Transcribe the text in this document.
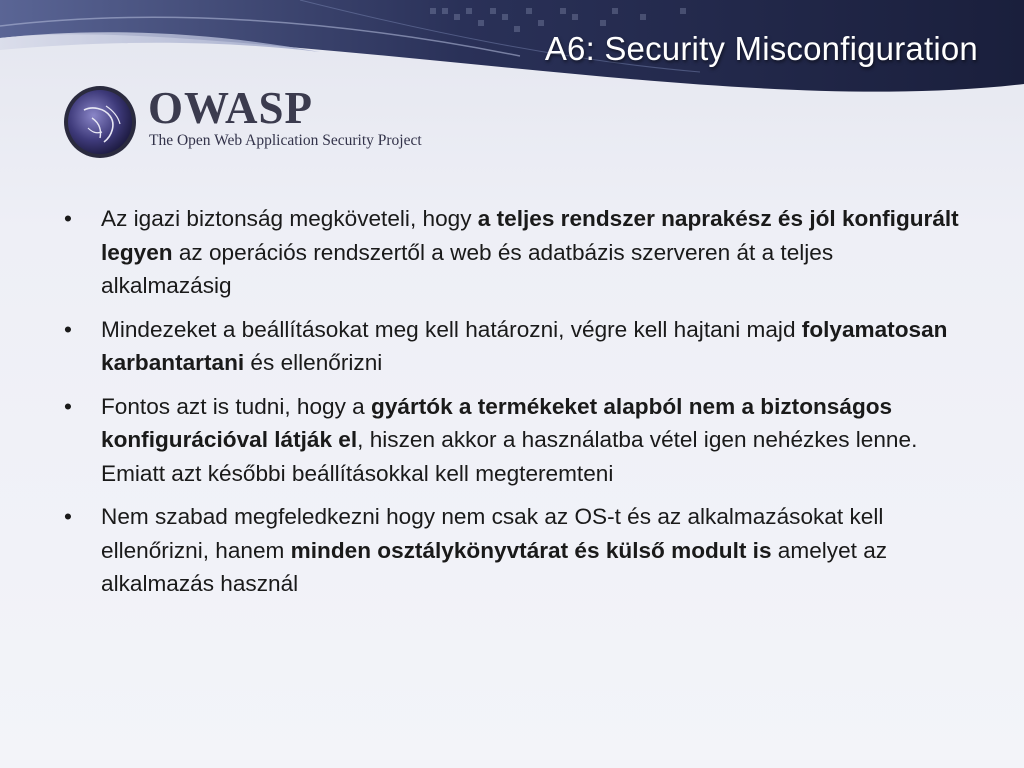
A6: Security Misconfiguration
OWASP
The Open Web Application Security Project
• Az igazi biztonság megköveteli, hogy a teljes rendszer naprakész és jól konfigurált legyen az operációs rendszertől a web és adatbázis szerveren át a teljes alkalmazásig
• Mindezeket a beállításokat meg kell határozni, végre kell hajtani majd folyamatosan karbantartani és ellenőrizni
• Fontos azt is tudni, hogy a gyártók a termékeket alapból nem a biztonságos konfigurációval látják el, hiszen akkor a használatba vétel igen nehézkes lenne. Emiatt azt későbbi beállításokkal kell megteremteni
• Nem szabad megfeledkezni hogy nem csak az OS-t és az alkalmazásokat kell ellenőrizni, hanem minden osztálykönyvtárat és külső modult is amelyet az alkalmazás használ
